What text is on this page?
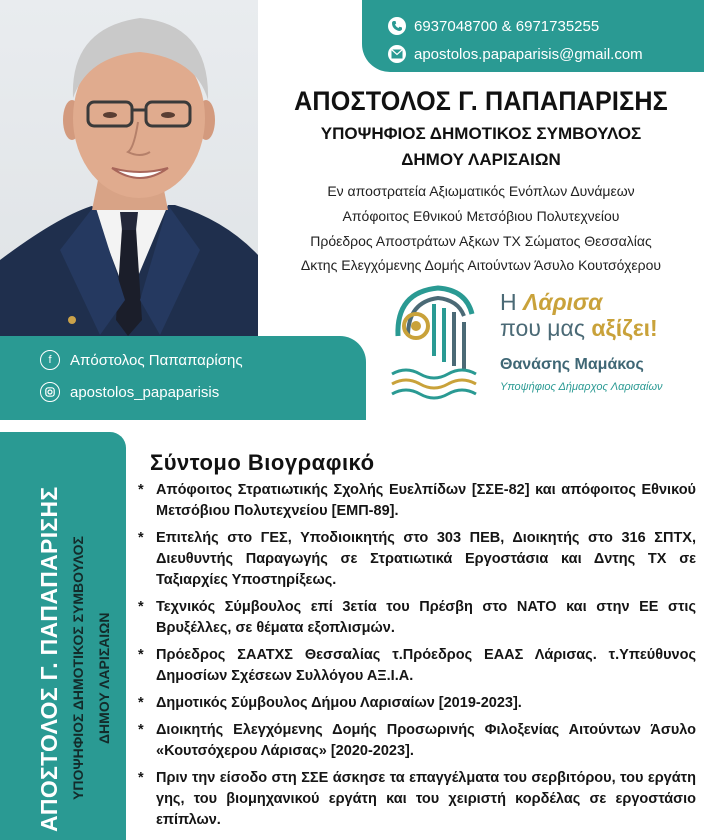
6937048700 & 6971735255
apostolos.papaparisis@gmail.com
ΑΠΟΣΤΟΛΟΣ Γ. ΠΑΠΑΠΑΡΙΣΗΣ
ΥΠΟΨΗΦΙΟΣ ΔΗΜΟΤΙΚΟΣ ΣΥΜΒΟΥΛΟΣ
ΔΗΜΟΥ ΛΑΡΙΣΑΙΩΝ
Εν αποστρατεία Αξιωματικός Ενόπλων Δυνάμεων
Απόφοιτος Εθνικού Μετσόβιου Πολυτεχνείου
Πρόεδρος Αποστράτων Αξκων ΤΧ Σώματος Θεσσαλίας
Δκτης Ελεγχόμενης Δομής Αιτούντων Άσυλο Κουτσόχερου
f	Απόστολος Παπαπαρίσης
apostolos_papaparisis
Η Λάρισα
που μας αξίζει!
Θανάσης Μαμάκος
Υποψήφιος Δήμαρχος Λαρισαίων
ΑΠΟΣΤΟΛΟΣ Γ. ΠΑΠΑΠΑΡΙΣΗΣ ΥΠΟΨΗΦΙΟΣ ΔΗΜΟΤΙΚΟΣ ΣΥΜΒΟΥΛΟΣ ΔΗΜΟΥ ΛΑΡΙΣΑΙΩΝ
Σύντομο Βιογραφικό
* Απόφοιτος Στρατιωτικής Σχολής Ευελπίδων [ΣΣΕ-82] και απόφοιτος Εθνικού Μετσόβιου Πολυτεχνείου [ΕΜΠ-89].
* Επιτελής στο ΓΕΣ, Υποδιοικητής στο 303 ΠΕΒ, Διοικητής στο 316 ΣΠΤΧ, Διευθυντής Παραγωγής σε Στρατιωτικά Εργοστάσια και Δντης ΤΧ σε Ταξιαρχίες Υποστηρίξεως.
* Τεχνικός Σύμβουλος επί 3ετία του Πρέσβη στο ΝΑΤΟ και στην ΕΕ στις Βρυξέλλες, σε θέματα εξοπλισμών.
* Πρόεδρος ΣΑΑΤΧΣ Θεσσαλίας τ.Πρόεδρος ΕΑΑΣ Λάρισας. τ.Υπεύθυνος Δημοσίων Σχέσεων Συλλόγου ΑΞ.Ι.Α.
* Δημοτικός Σύμβουλος Δήμου Λαρισαίων [2019-2023].
* Διοικητής Ελεγχόμενης Δομής Προσωρινής Φιλοξενίας Αιτούντων Άσυλο «Κουτσόχερου Λάρισας» [2020-2023].
* Πριν την είσοδο στη ΣΣΕ άσκησε τα επαγγέλματα του σερβιτόρου, του εργάτη γης, του βιομηχανικού εργάτη και του χειριστή κορδέλας σε εργοστάσιο επίπλων.
